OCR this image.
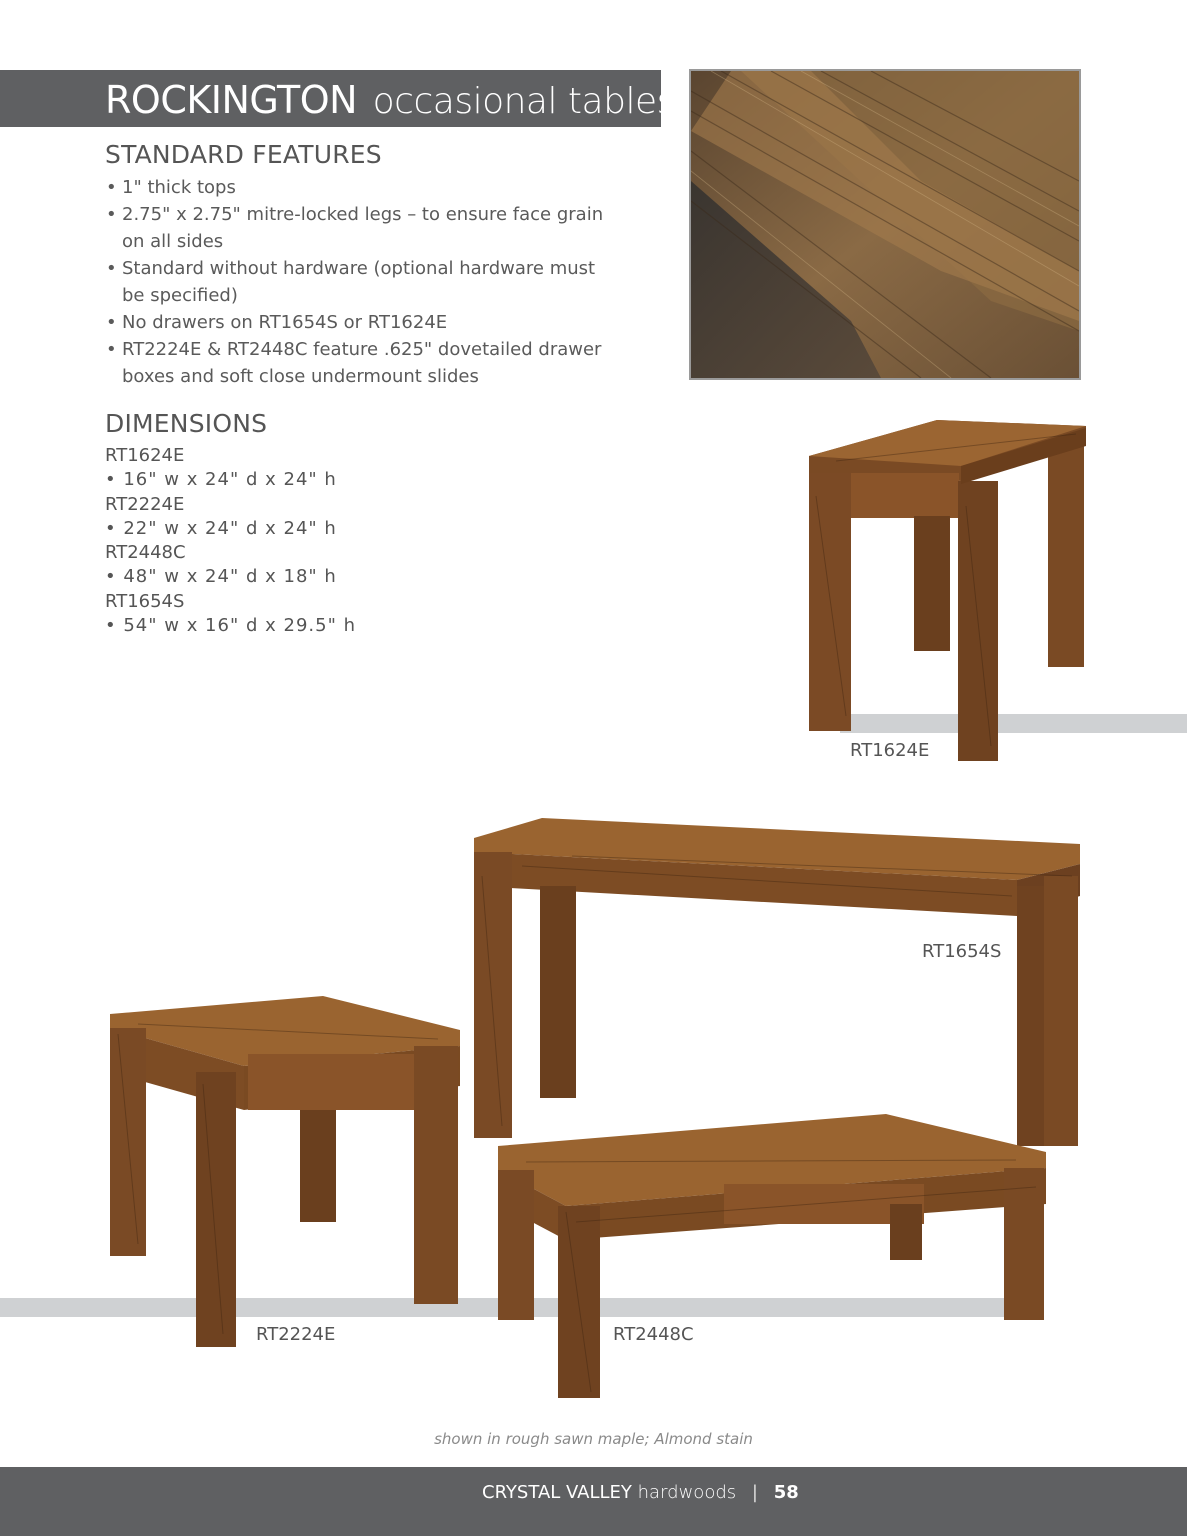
ROCKINGTON occasional tables
STANDARD FEATURES
• 1" thick tops
• 2.75" x 2.75" mitre-locked legs – to ensure face grain on all sides
• Standard without hardware (optional hardware must be specified)
• No drawers on RT1654S or RT1624E
• RT2224E & RT2448C feature .625" dovetailed drawer boxes and soft close undermount slides
DIMENSIONS
RT1624E
• 16" w x 24" d x 24" h
RT2224E
• 22" w x 24" d x 24" h
RT2448C
• 48" w x 24" d x 18" h
RT1654S
• 54" w x 16" d x 29.5" h
RT1624E
RT1654S
RT2224E	RT2448C
shown in rough sawn maple; Almond stain
CRYSTAL VALLEY hardwoods | 58
